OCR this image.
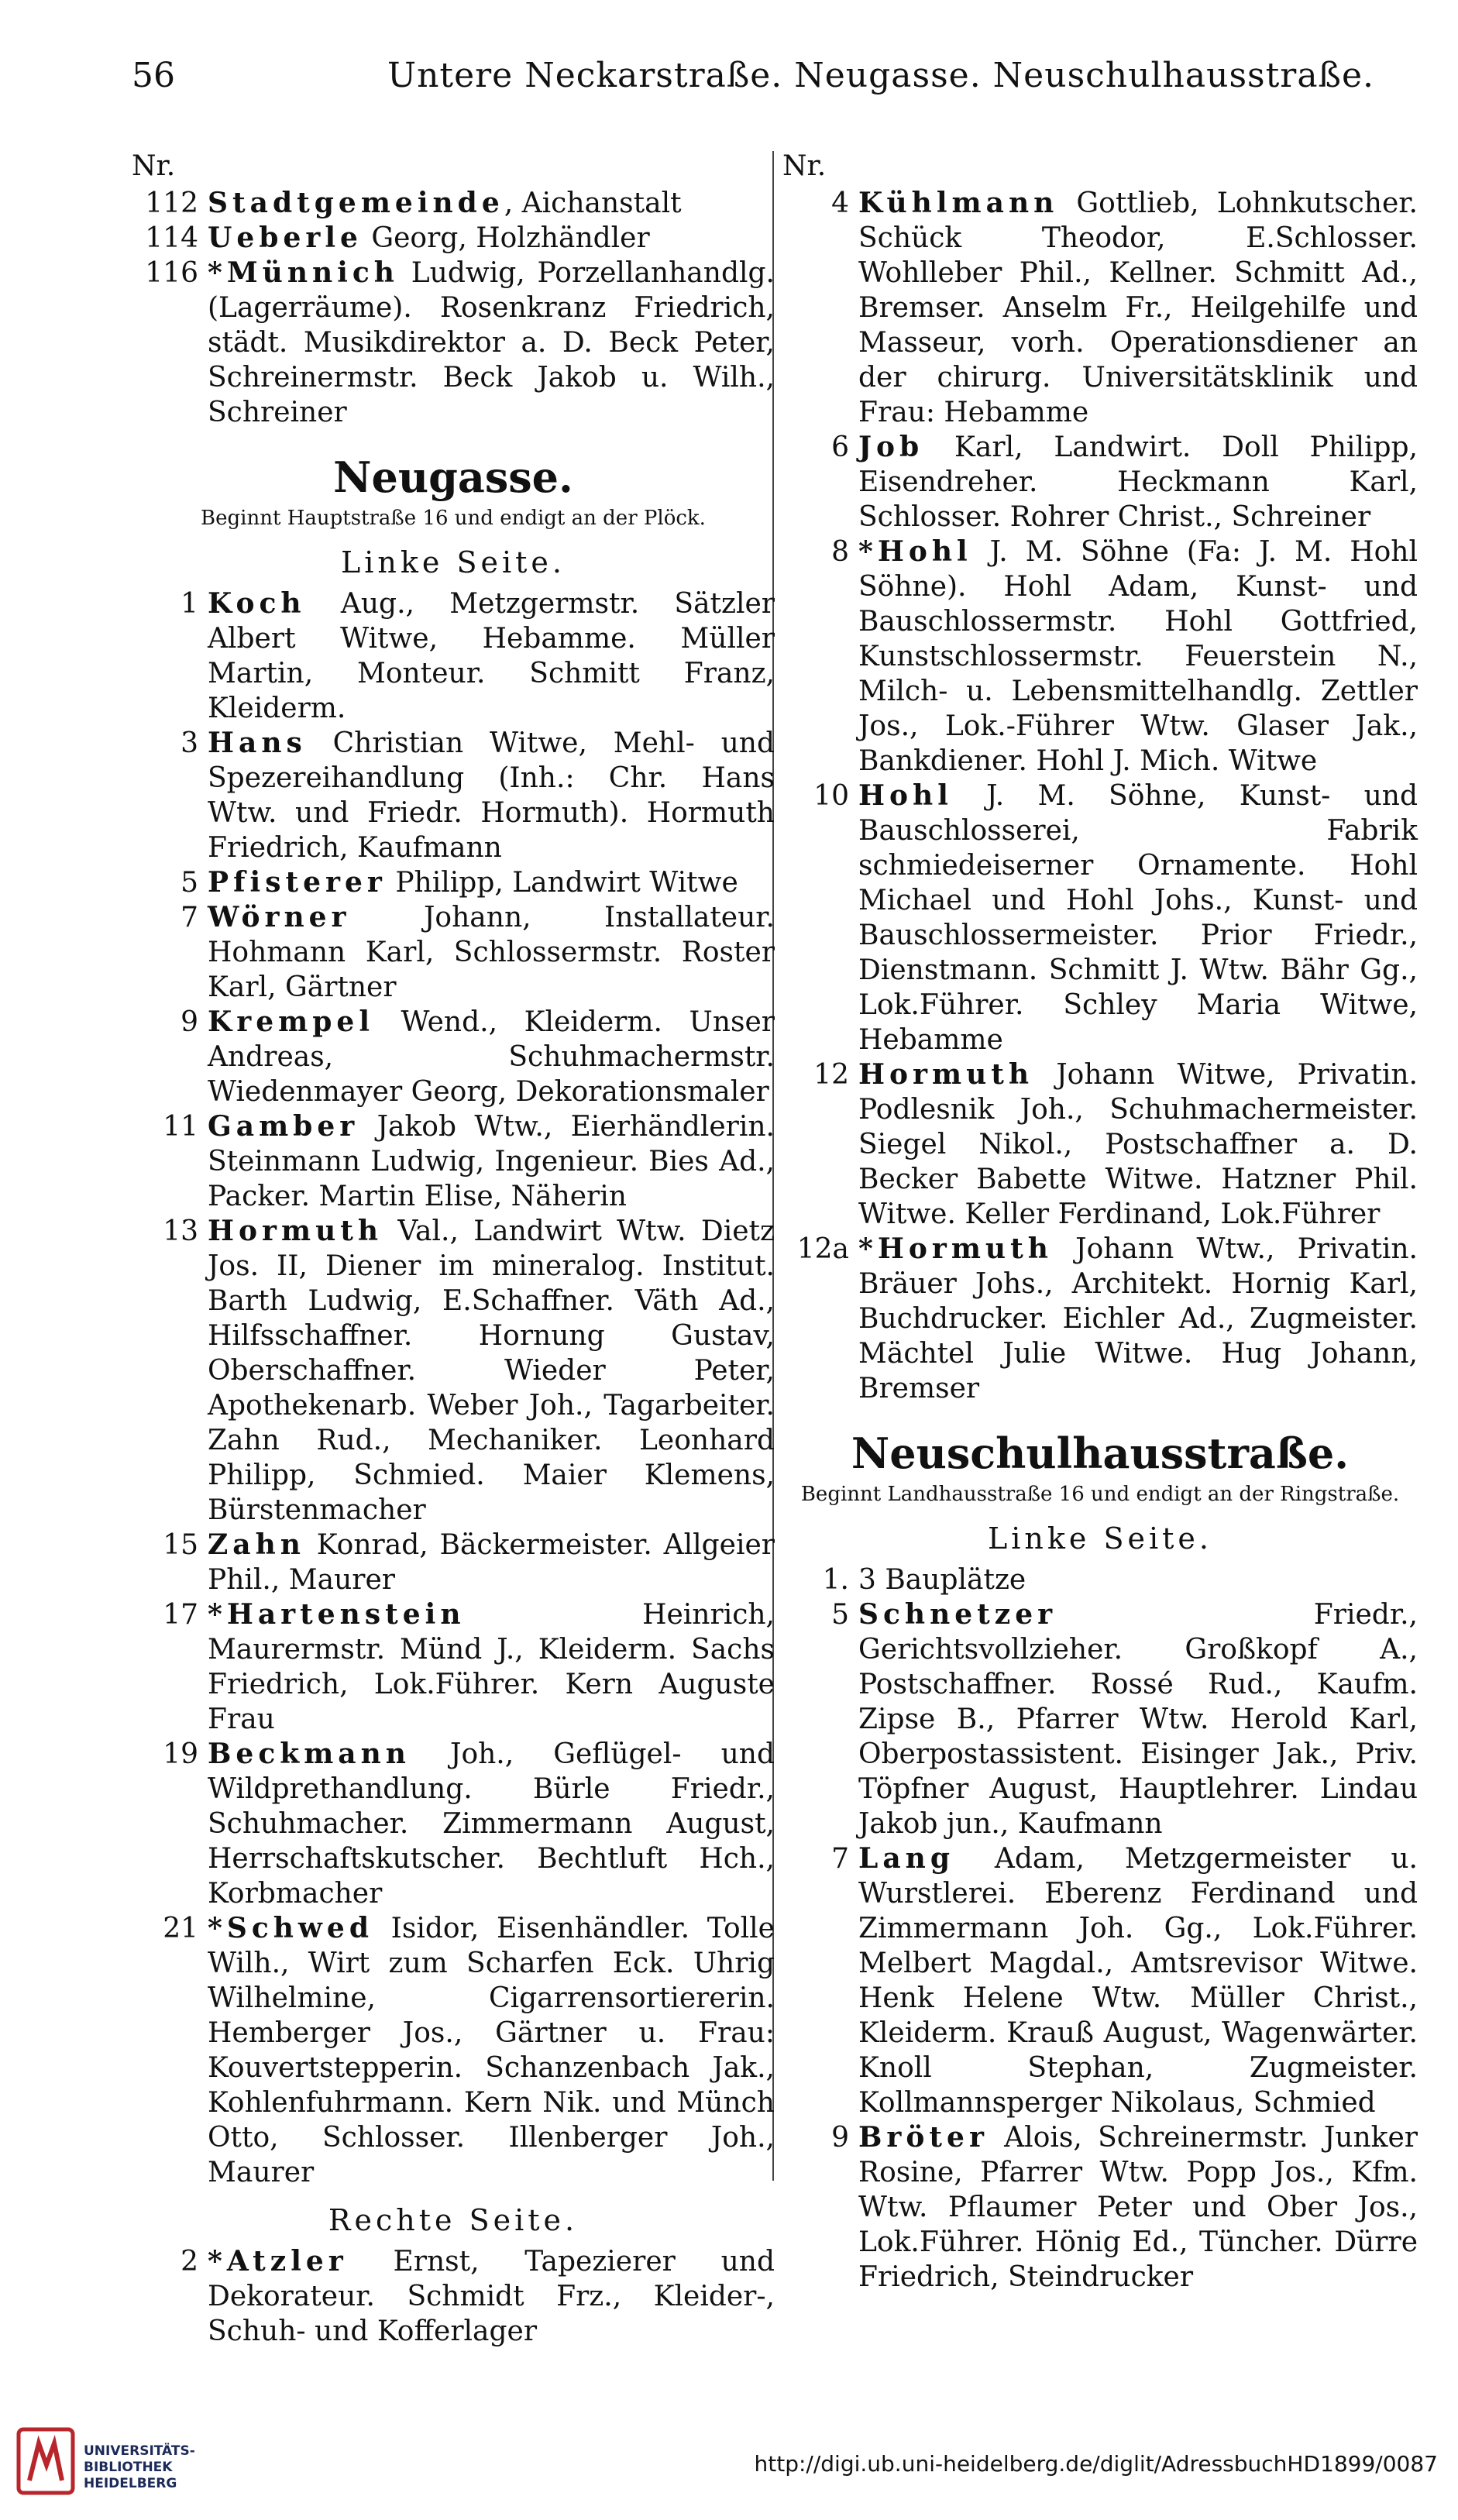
56	Untere Neckarstraße. Neugasse. Neuschulhausstraße.
Nr.
112 Stadtgemeinde, Aichanstalt
114 Ueberle Georg, Holzhändler
116 *Münnich Ludwig, Porzellanhandlg. (Lagerräume). Rosenkranz Friedrich, städt. Musikdirektor a. D. Beck Peter, Schreinermstr. Beck Jakob u. Wilh., Schreiner
Neugasse.
Beginnt Hauptstraße 16 und endigt an der Plöck.
Linke Seite.
1 Koch Aug., Metzgermstr. Sätzler Albert Witwe, Hebamme. Müller Martin, Monteur. Schmitt Franz, Kleiderm.
3 Hans Christian Witwe, Mehl- und Spezereihandlung (Inh.: Chr. Hans Wtw. und Friedr. Hormuth). Hormuth Friedrich, Kaufmann
5 Pfisterer Philipp, Landwirt Witwe
7 Wörner Johann, Installateur. Hohmann Karl, Schlossermstr. Roster Karl, Gärtner
9 Krempel Wend., Kleiderm. Unser Andreas, Schuhmachermstr. Wiedenmayer Georg, Dekorationsmaler
11 Gamber Jakob Wtw., Eierhändlerin. Steinmann Ludwig, Ingenieur. Bies Ad., Packer. Martin Elise, Näherin
13 Hormuth Val., Landwirt Wtw. Dietz Jos. II, Diener im mineralog. Institut. Barth Ludwig, E.Schaffner. Väth Ad., Hilfsschaffner. Hornung Gustav, Oberschaffner. Wieder Peter, Apothekenarb. Weber Joh., Tagarbeiter. Zahn Rud., Mechaniker. Leonhard Philipp, Schmied. Maier Klemens, Bürstenmacher
15 Zahn Konrad, Bäckermeister. Allgeier Phil., Maurer
17 *Hartenstein Heinrich, Maurermstr. Münd J., Kleiderm. Sachs Friedrich, Lok.Führer. Kern Auguste Frau
19 Beckmann Joh., Geflügel- und Wildprethandlung. Bürle Friedr., Schuhmacher. Zimmermann August, Herrschaftskutscher. Bechtluft Hch., Korbmacher
21 *Schwed Isidor, Eisenhändler. Tolle Wilh., Wirt zum Scharfen Eck. Uhrig Wilhelmine, Cigarrensortiererin. Hemberger Jos., Gärtner u. Frau: Kouvertstepperin. Schanzenbach Jak., Kohlenfuhrmann. Kern Nik. und Münch Otto, Schlosser. Illenberger Joh., Maurer
Rechte Seite.
2 *Atzler Ernst, Tapezierer und Dekorateur. Schmidt Frz., Kleider-, Schuh- und Kofferlager
Nr.
4 Kühlmann Gottlieb, Lohnkutscher. Schück Theodor, E.Schlosser. Wohlleber Phil., Kellner. Schmitt Ad., Bremser. Anselm Fr., Heilgehilfe und Masseur, vorh. Operationsdiener an der chirurg. Universitätsklinik und Frau: Hebamme
6 Job Karl, Landwirt. Doll Philipp, Eisendreher. Heckmann Karl, Schlosser. Rohrer Christ., Schreiner
8 *Hohl J. M. Söhne (Fa: J. M. Hohl Söhne). Hohl Adam, Kunst- und Bauschlossermstr. Hohl Gottfried, Kunstschlossermstr. Feuerstein N., Milch- u. Lebensmittelhandlg. Zettler Jos., Lok.-Führer Wtw. Glaser Jak., Bankdiener. Hohl J. Mich. Witwe
10 Hohl J. M. Söhne, Kunst- und Bauschlosserei, Fabrik schmiedeiserner Ornamente. Hohl Michael und Hohl Johs., Kunst- und Bauschlossermeister. Prior Friedr., Dienstmann. Schmitt J. Wtw. Bähr Gg., Lok.Führer. Schley Maria Witwe, Hebamme
12 Hormuth Johann Witwe, Privatin. Podlesnik Joh., Schuhmachermeister. Siegel Nikol., Postschaffner a. D. Becker Babette Witwe. Hatzner Phil. Witwe. Keller Ferdinand, Lok.Führer
12a *Hormuth Johann Wtw., Privatin. Bräuer Johs., Architekt. Hornig Karl, Buchdrucker. Eichler Ad., Zugmeister. Mächtel Julie Witwe. Hug Johann, Bremser
Neuschulhausstraße.
Beginnt Landhausstraße 16 und endigt an der Ringstraße.
Linke Seite.
1. 3 Bauplätze
5 Schnetzer Friedr., Gerichtsvollzieher. Großkopf A., Postschaffner. Rossé Rud., Kaufm. Zipse B., Pfarrer Wtw. Herold Karl, Oberpostassistent. Eisinger Jak., Priv. Töpfner August, Hauptlehrer. Lindau Jakob jun., Kaufmann
7 Lang Adam, Metzgermeister u. Wurstlerei. Eberenz Ferdinand und Zimmermann Joh. Gg., Lok.Führer. Melbert Magdal., Amtsrevisor Witwe. Henk Helene Wtw. Müller Christ., Kleiderm. Krauß August, Wagenwärter. Knoll Stephan, Zugmeister. Kollmannsperger Nikolaus, Schmied
9 Bröter Alois, Schreinermstr. Junker Rosine, Pfarrer Wtw. Popp Jos., Kfm. Wtw. Pflaumer Peter und Ober Jos., Lok.Führer. Hönig Ed., Tüncher. Dürre Friedrich, Steindrucker
UNIVERSITÄTS-
BIBLIOTHEK
HEIDELBERG
http://digi.ub.uni-heidelberg.de/diglit/AdressbuchHD1899/0087
